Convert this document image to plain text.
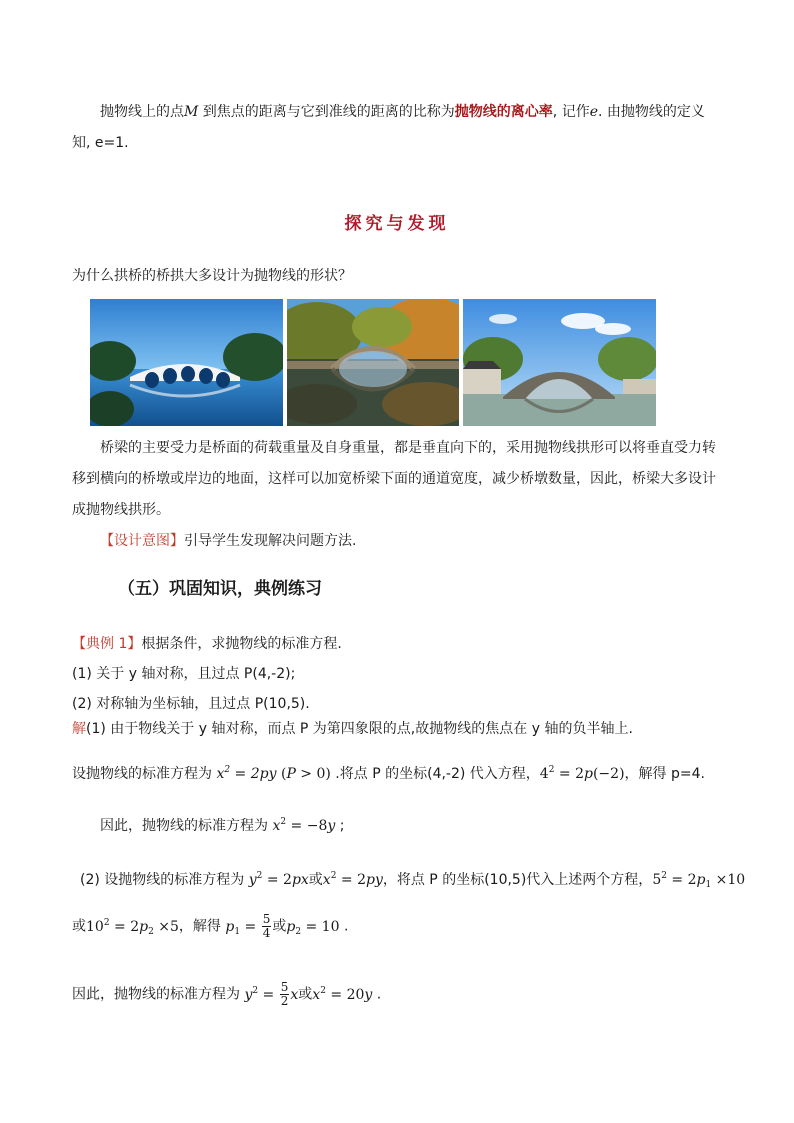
抛物线上的点M 到焦点的距离与它到准线的距离的比称为抛物线的离心率, 记作e. 由抛物线的定义
知, e=1.
探究与发现
为什么拱桥的桥拱大多设计为抛物线的形状？
桥梁的主要受力是桥面的荷载重量及自身重量，都是垂直向下的，采用抛物线拱形可以将垂直受力转
移到横向的桥墩或岸边的地面，这样可以加宽桥梁下面的通道宽度，减少桥墩数量，因此，桥梁大多设计
成抛物线拱形。
【设计意图】引导学生发现解决问题方法.
（五）巩固知识，典例练习
【典例 1】根据条件，求抛物线的标准方程.
(1) 关于 y 轴对称，且过点 P(4,-2);
(2) 对称轴为坐标轴，且过点 P(10,5).
解(1) 由于物线关于 y 轴对称，而点 P 为第四象限的点,故抛物线的焦点在 y 轴的负半轴上.
设抛物线的标准方程为 $x^2 = 2py$ (P > 0) .将点 P 的坐标(4,-2) 代入方程，$4^2 = 2p(-2)$，解得 p=4.
因此，抛物线的标准方程为 $x^2 = -8y$ ;
(2) 设抛物线的标准方程为 $y^2 = 2px$或$x^2 = 2py$，将点 P 的坐标(10,5)代入上述两个方程，$5^2 = 2p_1 \times 10$
或$10^2 = 2p_2 \times 5$，解得 $p_1 = \frac{5}{4}$ 或$p_2 = 10$ .
因此，抛物线的标准方程为 $y^2 = \frac{5}{2}$ x或$x^2 = 20y$ .
